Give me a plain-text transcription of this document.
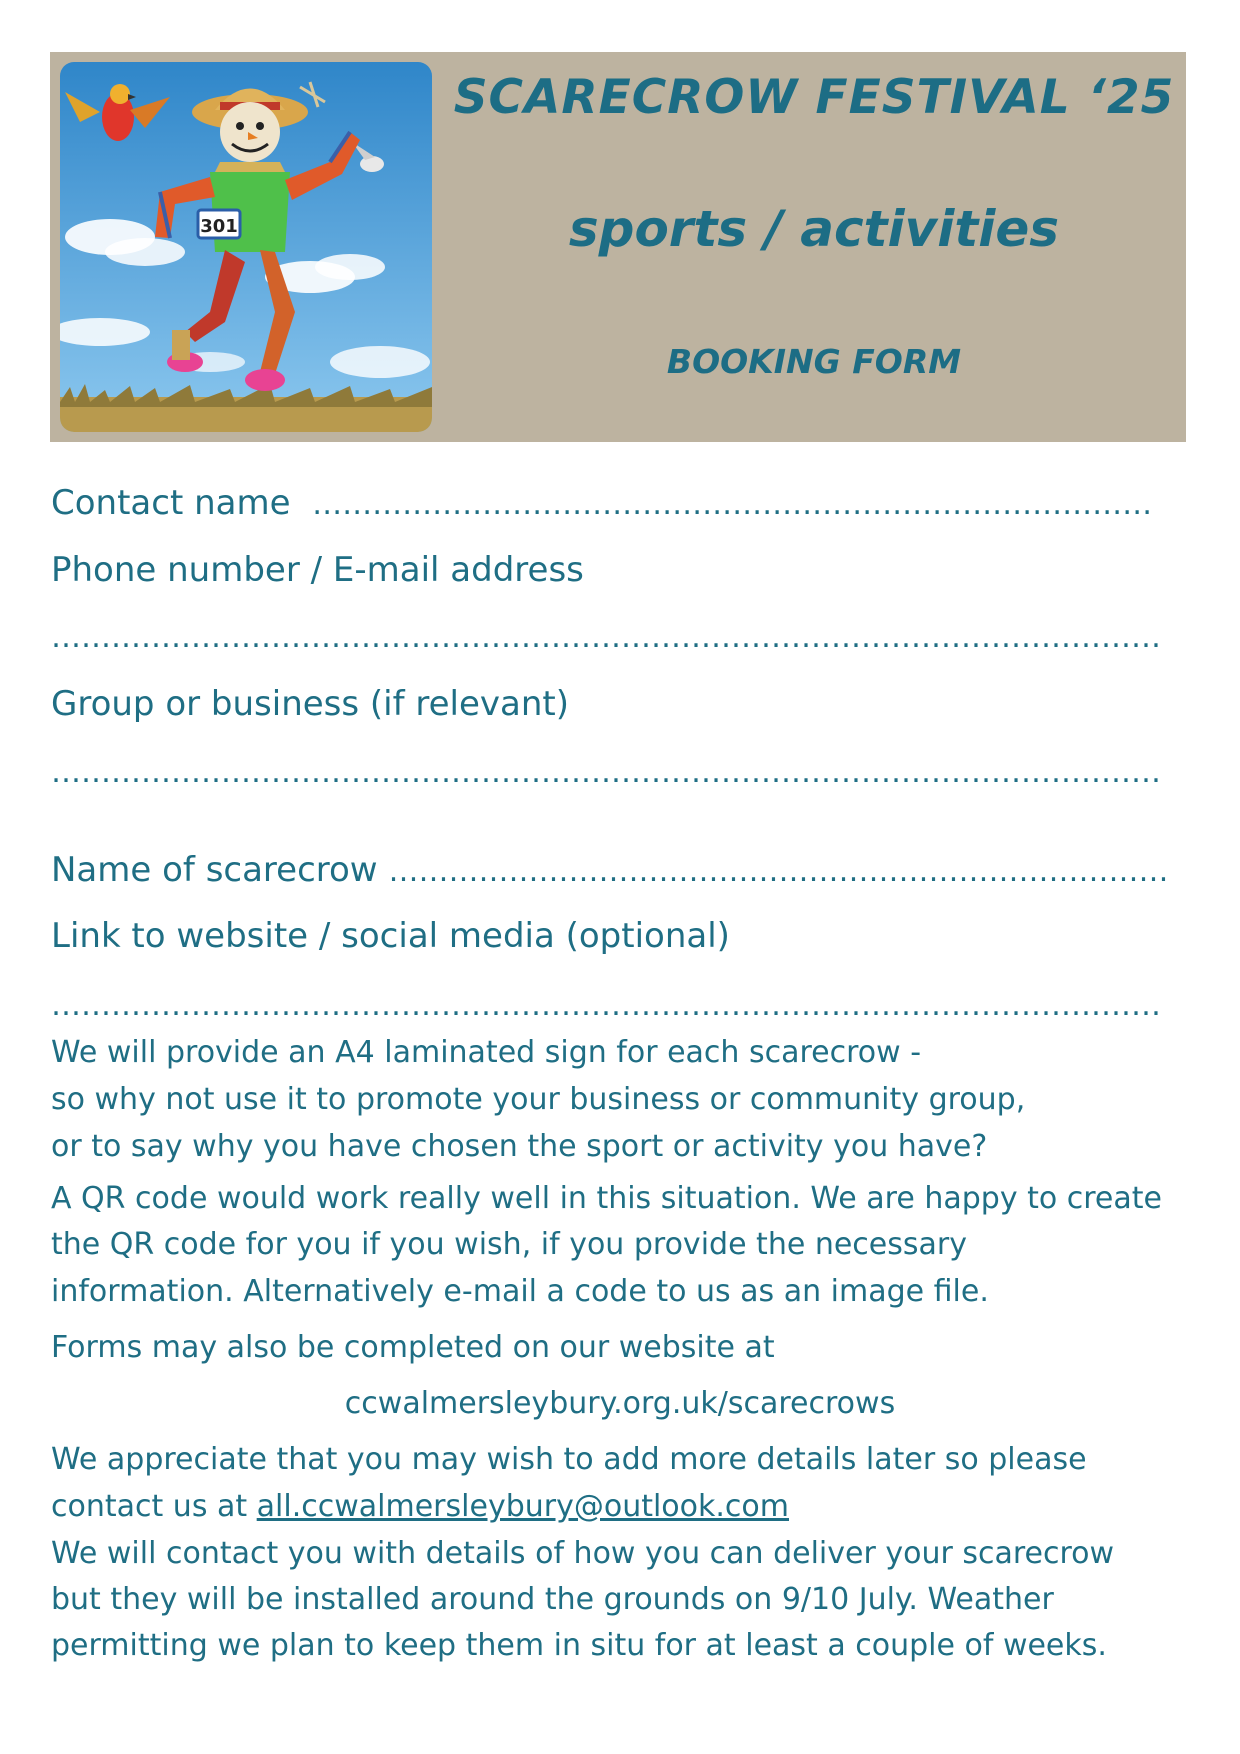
301
SCARECROW FESTIVAL ‘25
sports / activities
BOOKING FORM
Contact name …………………………………………………………………………
Phone number / E-mail address
…………………………………………………………………………………………………
Group or business (if relevant)
…………………………………………………………………………………………………
Name of scarecrow ……………………………………………………………………
Link to website / social media (optional)
…………………………………………………………………………………………………
We will provide an A4 laminated sign for each scarecrow -
so why not use it to promote your business or community group,
or to say why you have chosen the sport or activity you have?
A QR code would work really well in this situation. We are happy to create
the QR code for you if you wish, if you provide the necessary
information. Alternatively e-mail a code to us as an image file.
Forms may also be completed on our website at
ccwalmersleybury.org.uk/scarecrows
We appreciate that you may wish to add more details later so please
contact us at all.ccwalmersleybury@outlook.com
We will contact you with details of how you can deliver your scarecrow
but they will be installed around the grounds on 9/10 July. Weather
permitting we plan to keep them in situ for at least a couple of weeks.
